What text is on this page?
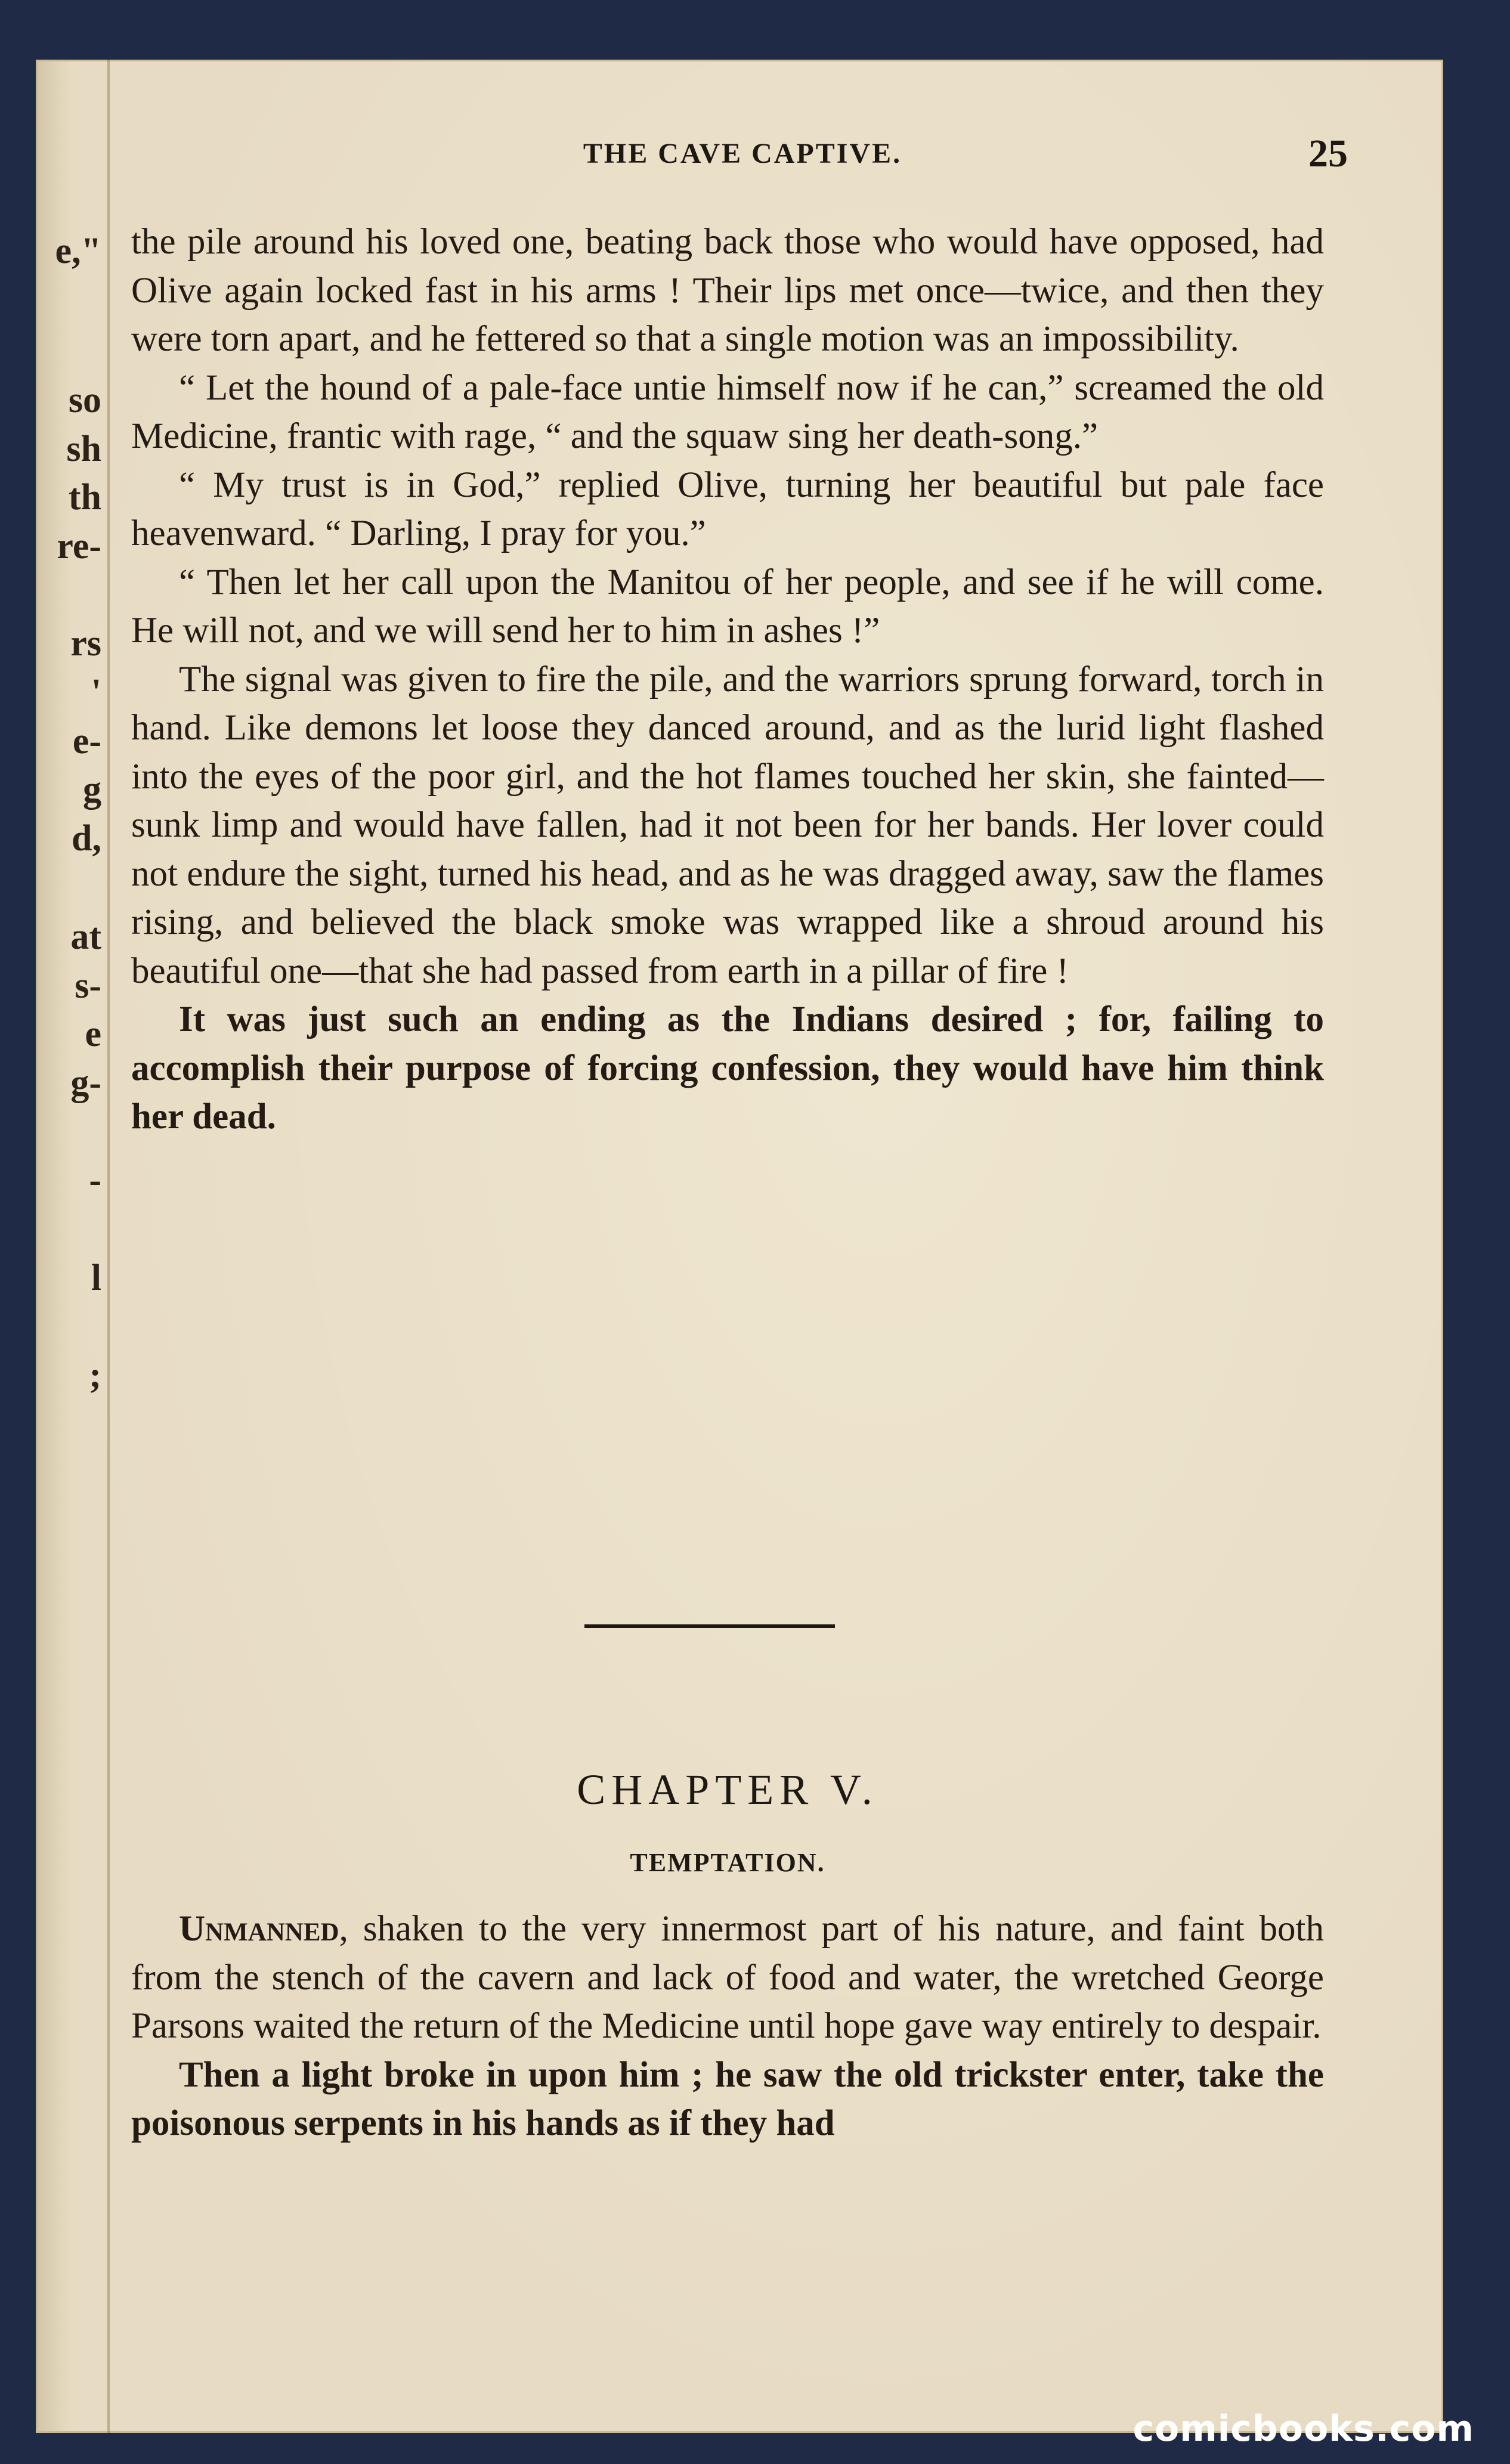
e,"
so
sh
th
re-
rs
'
e-
g
d,
at
s-
e
g-
-
l
;
THE CAVE CAPTIVE.	25

the pile around his loved one, beating back those who would have opposed, had Olive again locked fast in his arms ! Their lips met once—twice, and then they were torn apart, and he fettered so that a single motion was an impossibility.

“ Let the hound of a pale-face untie himself now if he can,” screamed the old Medicine, frantic with rage, “ and the squaw sing her death-song.”

“ My trust is in God,” replied Olive, turning her beautiful but pale face heavenward. “ Darling, I pray for you.”

“ Then let her call upon the Manitou of her people, and see if he will come. He will not, and we will send her to him in ashes !”

The signal was given to fire the pile, and the warriors sprung forward, torch in hand. Like demons let loose they danced around, and as the lurid light flashed into the eyes of the poor girl, and the hot flames touched her skin, she fainted—sunk limp and would have fallen, had it not been for her bands. Her lover could not endure the sight, turned his head, and as he was dragged away, saw the flames rising, and believed the black smoke was wrapped like a shroud around his beautiful one—that she had passed from earth in a pillar of fire !

It was just such an ending as the Indians desired ; for, failing to accomplish their purpose of forcing confession, they would have him think her dead.

CHAPTER V.
TEMPTATION.

Unmanned, shaken to the very innermost part of his nature, and faint both from the stench of the cavern and lack of food and water, the wretched George Parsons waited the return of the Medicine until hope gave way entirely to despair.

Then a light broke in upon him ; he saw the old trickster enter, take the poisonous serpents in his hands as if they had

comicbooks.com
